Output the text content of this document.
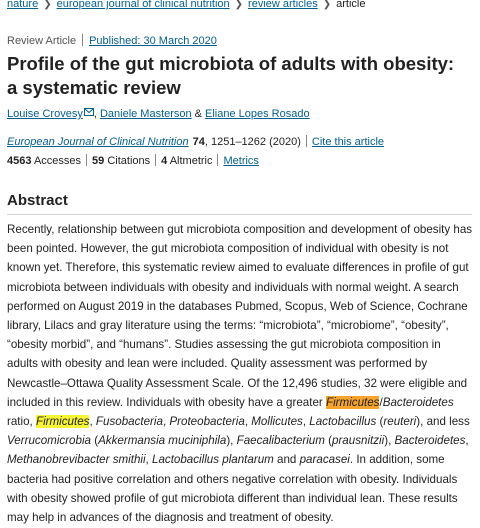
nature ❯ european journal of clinical nutrition ❯ review articles ❯ article
Review Article Published: 30 March 2020
Profile of the gut microbiota of adults with obesity: a systematic review
Louise Crovesy , Daniele Masterson & Eliane Lopes Rosado
European Journal of Clinical Nutrition 74, 1251–1262 (2020) Cite this article
4563 Accesses 59 Citations 4 Altmetric Metrics
Abstract

Recently, relationship between gut microbiota composition and development of obesity has been pointed. However, the gut microbiota composition of individual with obesity is not known yet. Therefore, this systematic review aimed to evaluate differences in profile of gut microbiota between individuals with obesity and individuals with normal weight. A search performed on August 2019 in the databases Pubmed, Scopus, Web of Science, Cochrane library, Lilacs and gray literature using the terms: “microbiota”, “microbiome”, “obesity”, “obesity morbid”, and “humans”. Studies assessing the gut microbiota composition in adults with obesity and lean were included. Quality assessment was performed by Newcastle–Ottawa Quality Assessment Scale. Of the 12,496 studies, 32 were eligible and included in this review. Individuals with obesity have a greater Firmicutes/Bacteroidetes ratio, Firmicutes, Fusobacteria, Proteobacteria, Mollicutes, Lactobacillus (reuteri), and less Verrucomicrobia (Akkermansia muciniphila), Faecalibacterium (prausnitzii), Bacteroidetes, Methanobrevibacter smithii, Lactobacillus plantarum and paracasei. In addition, some bacteria had positive correlation and others negative correlation with obesity. Individuals with obesity showed profile of gut microbiota different than individual lean. These results may help in advances of the diagnosis and treatment of obesity.
